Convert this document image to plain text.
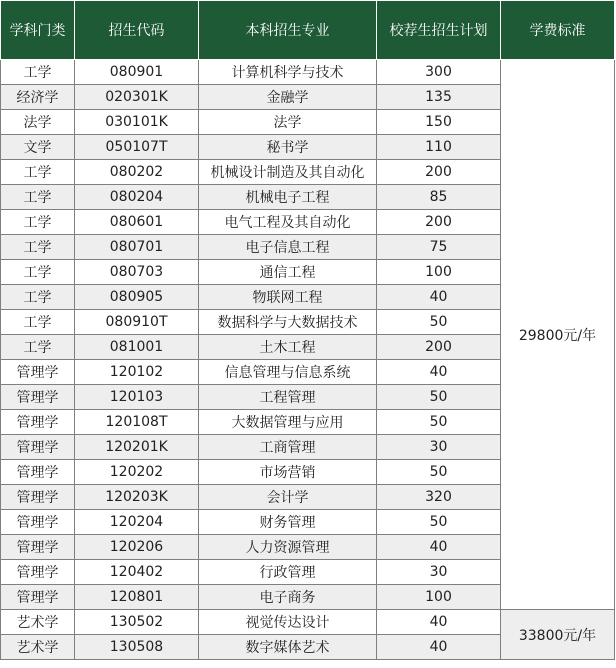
学科门类	招生代码	本科招生专业	校荐生招生计划	学费标准
工学	080901	计算机科学与技术	300	29800元/年
经济学	020301K	金融学	135	
法学	030101K	法学	150	
文学	050107T	秘书学	110	
工学	080202	机械设计制造及其自动化	200	
工学	080204	机械电子工程	85	
工学	080601	电气工程及其自动化	200	
工学	080701	电子信息工程	75	
工学	080703	通信工程	100	
工学	080905	物联网工程	40	
工学	080910T	数据科学与大数据技术	50	
工学	081001	土木工程	200	
管理学	120102	信息管理与信息系统	40	
管理学	120103	工程管理	50	
管理学	120108T	大数据管理与应用	50	
管理学	120201K	工商管理	30	
管理学	120202	市场营销	50	
管理学	120203K	会计学	320	
管理学	120204	财务管理	50	
管理学	120206	人力资源管理	40	
管理学	120402	行政管理	30	
管理学	120801	电子商务	100	
艺术学	130502	视觉传达设计	40	33800元/年
艺术学	130508	数字媒体艺术	40	
